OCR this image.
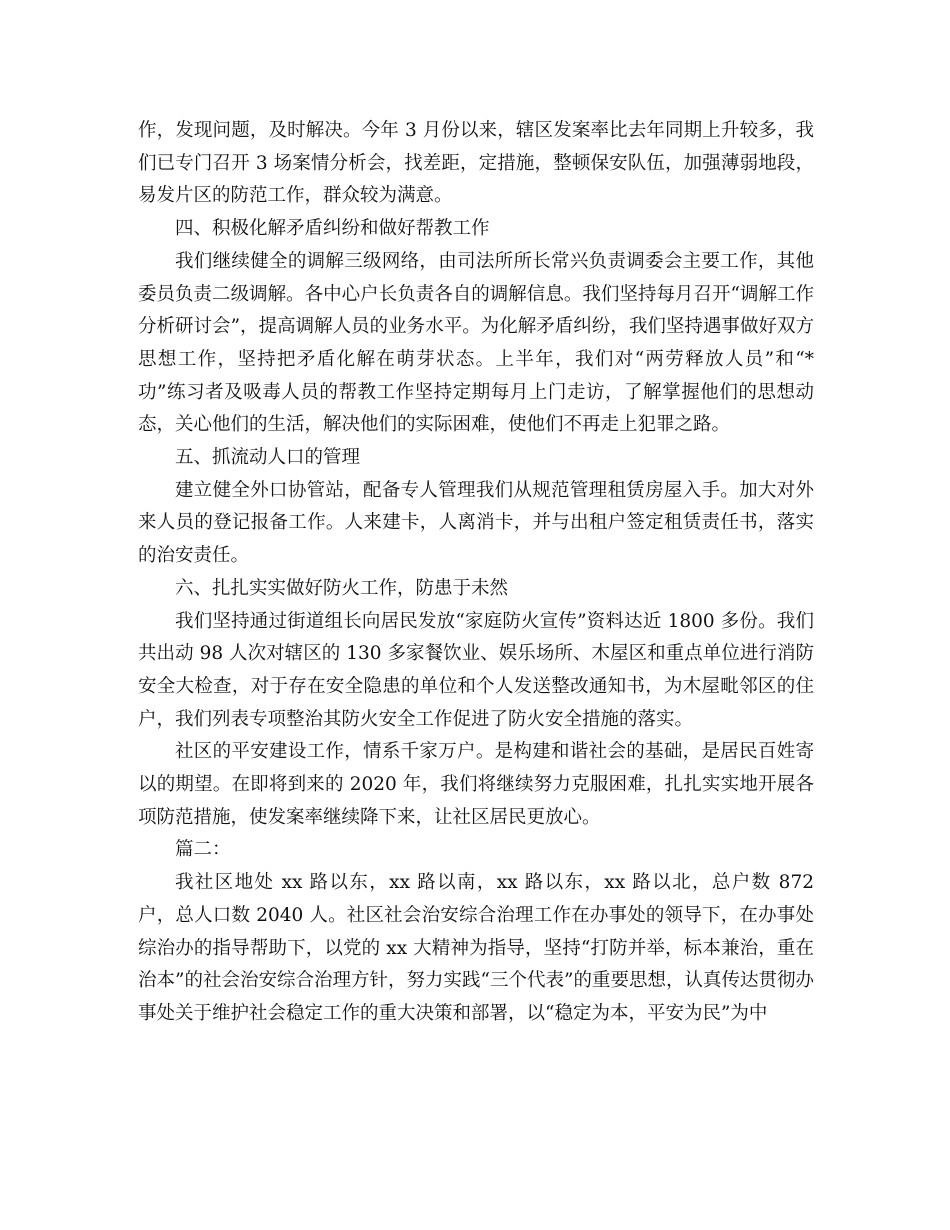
作，发现问题，及时解决。今年 3 月份以来，辖区发案率比去年同期上升较多，我们已专门召开 3 场案情分析会，找差距，定措施，整顿保安队伍，加强薄弱地段，易发片区的防范工作，群众较为满意。

四、积极化解矛盾纠纷和做好帮教工作

我们继续健全的调解三级网络，由司法所所长常兴负责调委会主要工作，其他委员负责二级调解。各中心户长负责各自的调解信息。我们坚持每月召开“调解工作分析研讨会”，提高调解人员的业务水平。为化解矛盾纠纷，我们坚持遇事做好双方思想工作，坚持把矛盾化解在萌芽状态。上半年，我们对“两劳释放人员”和“*功”练习者及吸毒人员的帮教工作坚持定期每月上门走访，了解掌握他们的思想动态，关心他们的生活，解决他们的实际困难，使他们不再走上犯罪之路。

五、抓流动人口的管理

建立健全外口协管站，配备专人管理我们从规范管理租赁房屋入手。加大对外来人员的登记报备工作。人来建卡，人离消卡，并与出租户签定租赁责任书，落实的治安责任。

六、扎扎实实做好防火工作，防患于未然

我们坚持通过街道组长向居民发放“家庭防火宣传”资料达近 1800 多份。我们共出动 98 人次对辖区的 130 多家餐饮业、娱乐场所、木屋区和重点单位进行消防安全大检查，对于存在安全隐患的单位和个人发送整改通知书，为木屋毗邻区的住户，我们列表专项整治其防火安全工作促进了防火安全措施的落实。

社区的平安建设工作，情系千家万户。是构建和谐社会的基础，是居民百姓寄以的期望。在即将到来的 2020 年，我们将继续努力克服困难，扎扎实实地开展各项防范措施，使发案率继续降下来，让社区居民更放心。

篇二：

我社区地处 xx 路以东，xx 路以南，xx 路以东，xx 路以北，总户数 872 户，总人口数 2040 人。社区社会治安综合治理工作在办事处的领导下，在办事处综治办的指导帮助下，以党的 xx 大精神为指导，坚持“打防并举，标本兼治，重在治本”的社会治安综合治理方针，努力实践“三个代表”的重要思想，认真传达贯彻办事处关于维护社会稳定工作的重大决策和部署，以“稳定为本，平安为民”为中
